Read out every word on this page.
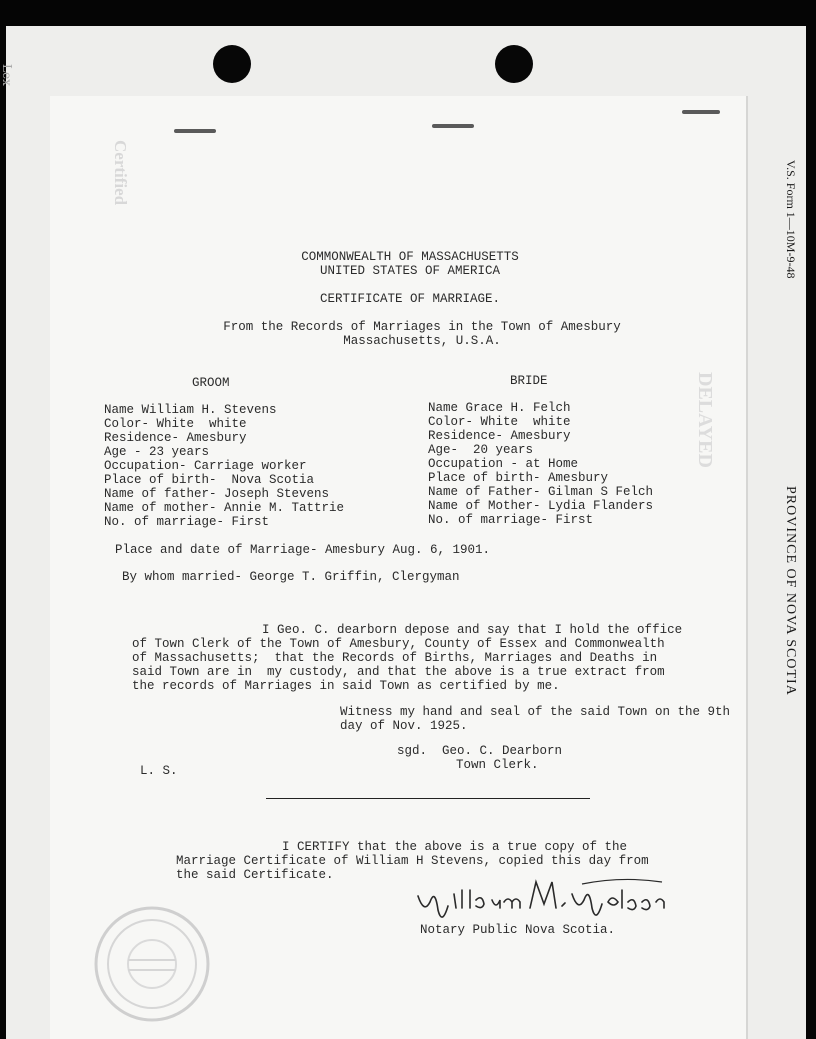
Lex
V.S. Form 1—10M-9-48
PROVINCE OF NOVA SCOTIA
DELAYED
Certified
COMMONWEALTH OF MASSACHUSETTS
UNITED STATES OF AMERICA
CERTIFICATE OF MARRIAGE.
From the Records of Marriages in the Town of Amesbury
Massachusetts, U.S.A.
GROOM	BRIDE
Name William H. Stevens
Color- White  white
Residence- Amesbury
Age - 23 years
Occupation- Carriage worker
Place of birth-  Nova Scotia
Name of father- Joseph Stevens
Name of mother- Annie M. Tattrie
No. of marriage- First
Name Grace H. Felch
Color- White  white
Residence- Amesbury
Age-  20 years
Occupation - at Home
Place of birth- Amesbury
Name of Father- Gilman S Felch
Name of Mother- Lydia Flanders
No. of marriage- First
Place and date of Marriage- Amesbury Aug. 6, 1901.
By whom married- George T. Griffin, Clergyman
I Geo. C. dearborn depose and say that I hold the office
of Town Clerk of the Town of Amesbury, County of Essex and Commonwealth
of Massachusetts;  that the Records of Births, Marriages and Deaths in
said Town are in  my custody, and that the above is a true extract from
the records of Marriages in said Town as certified by me.
Witness my hand and seal of the said Town on the 9th
day of Nov. 1925.
sgd.  Geo. C. Dearborn
Town Clerk.
L. S.
I CERTIFY that the above is a true copy of the
Marriage Certificate of William H Stevens, copied this day from
the said Certificate.
Notary Public Nova Scotia.
